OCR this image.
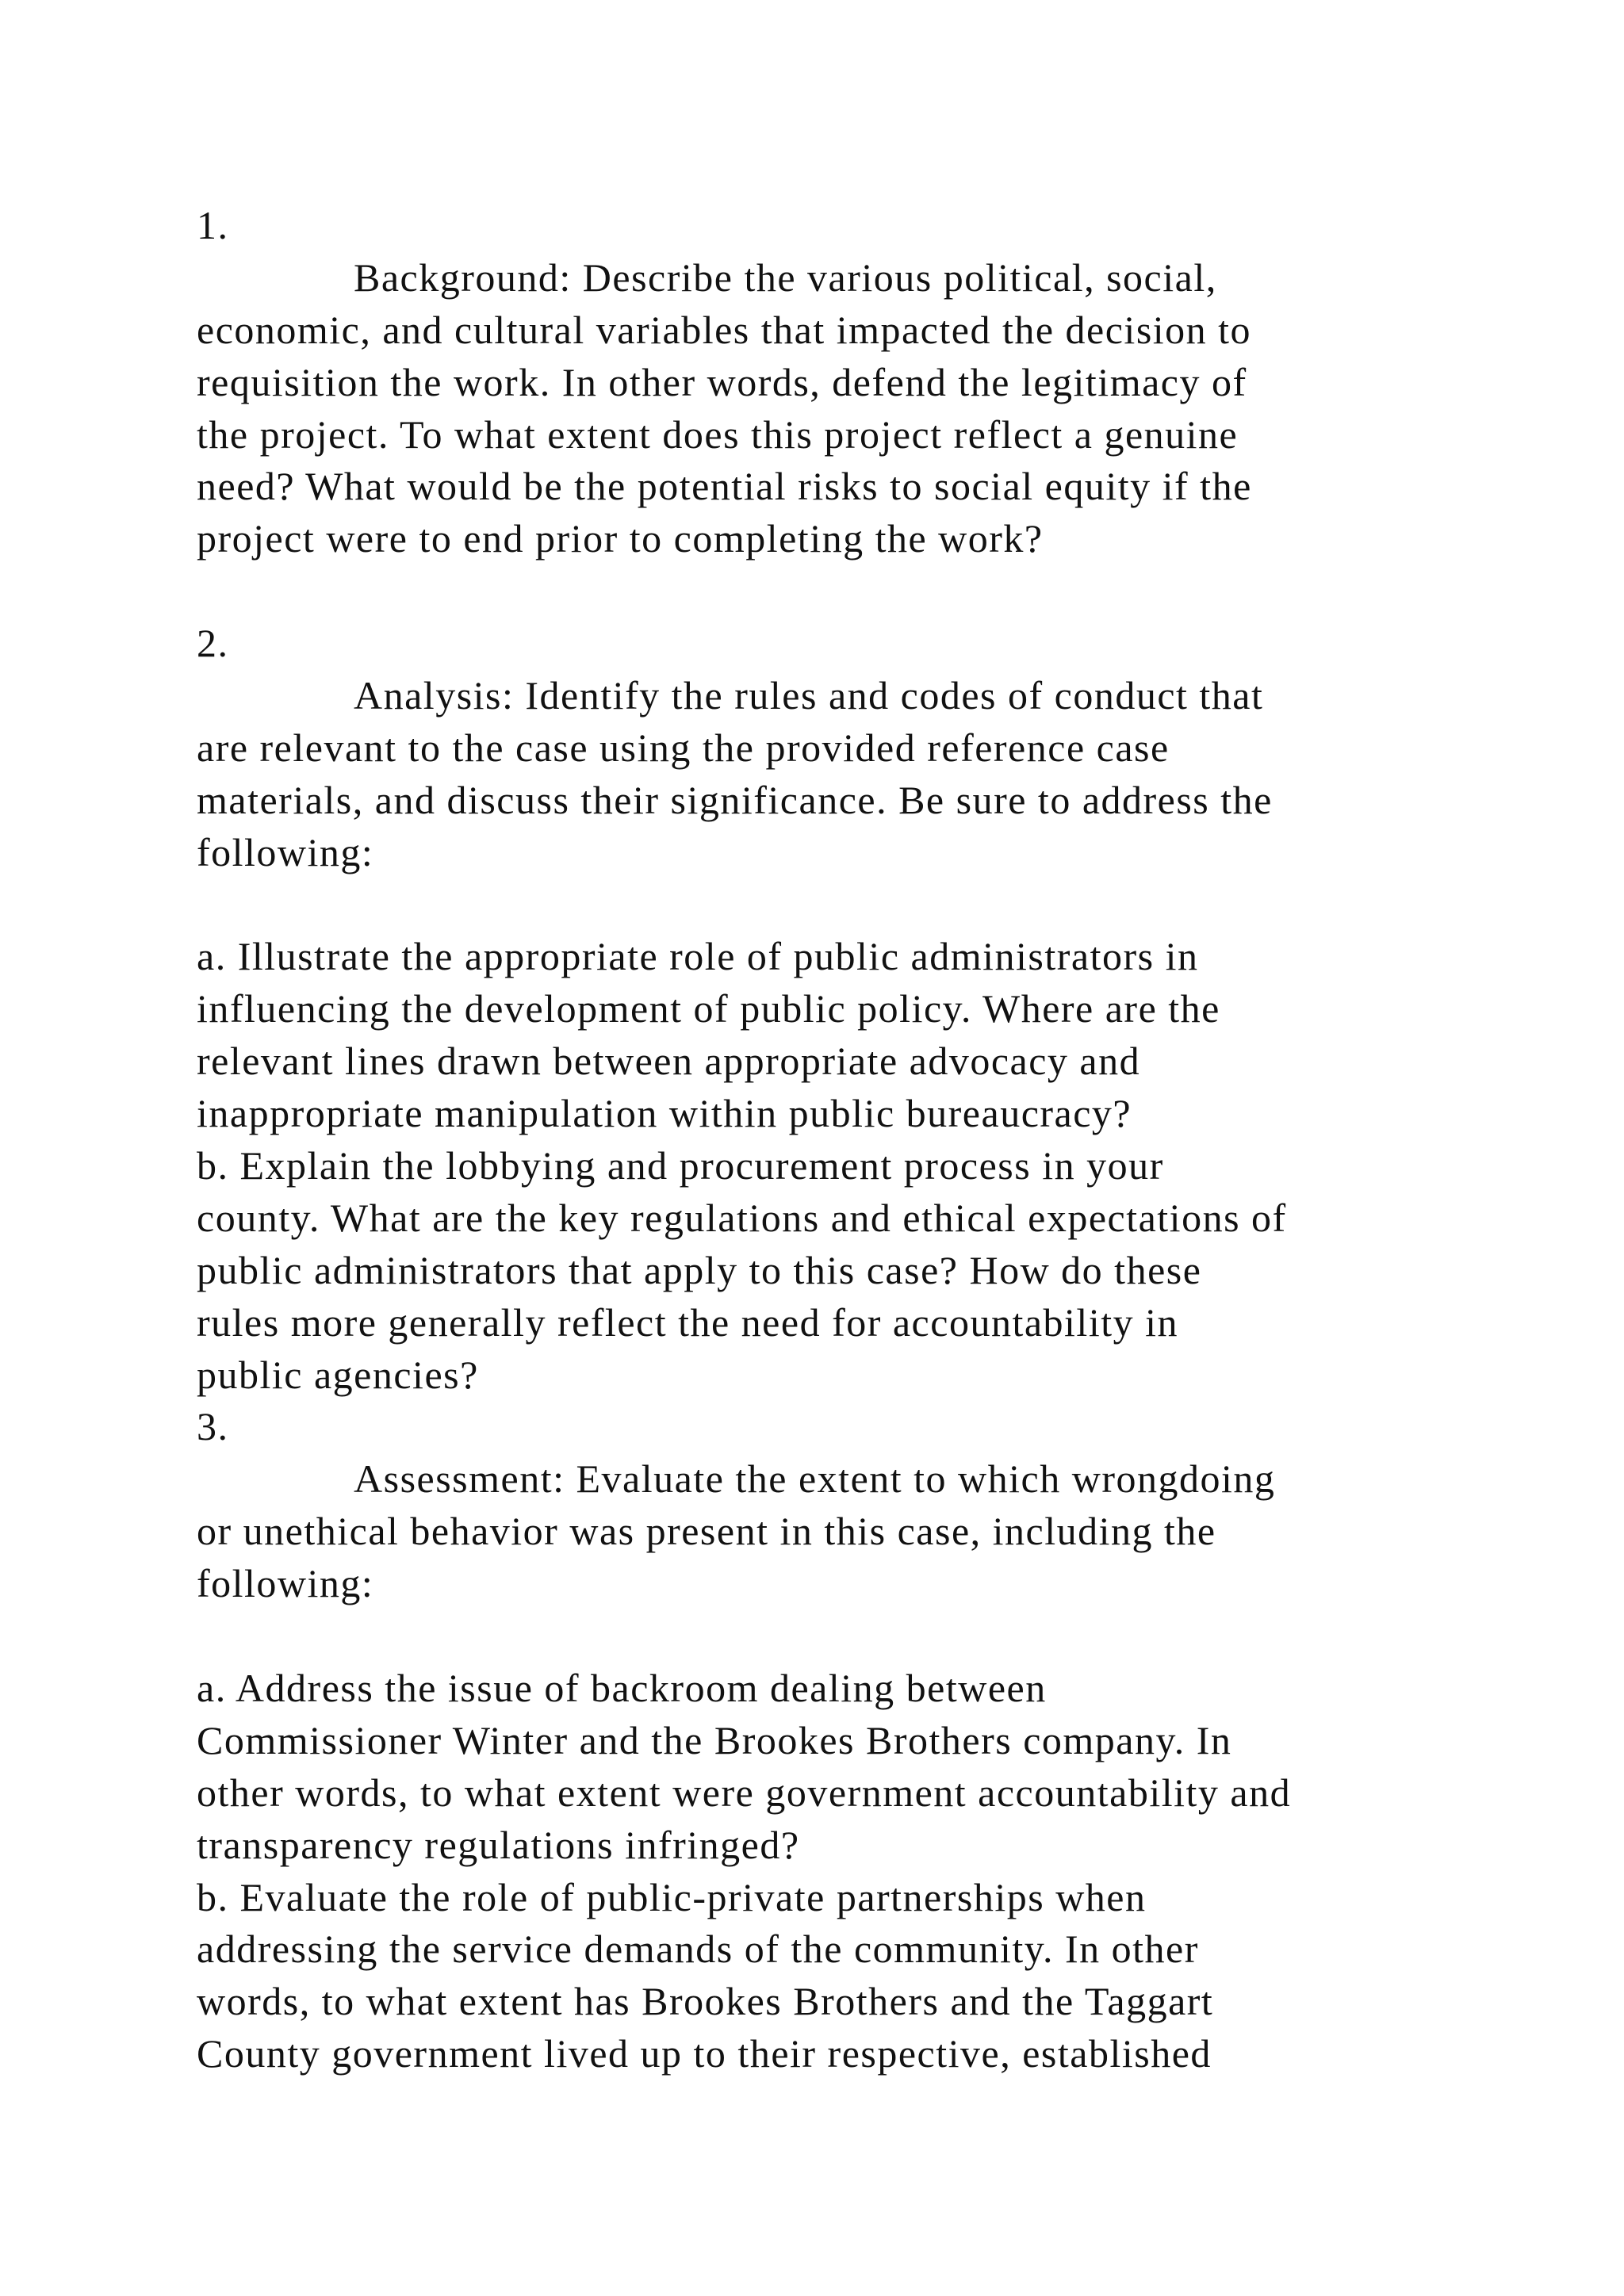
1.
Background: Describe the various political, social,
economic, and cultural variables that impacted the decision to
requisition the work. In other words, defend the legitimacy of
the project. To what extent does this project reflect a genuine
need? What would be the potential risks to social equity if the
project were to end prior to completing the work?
2.
Analysis: Identify the rules and codes of conduct that
are relevant to the case using the provided reference case
materials, and discuss their significance. Be sure to address the
following:
a. Illustrate the appropriate role of public administrators in
influencing the development of public policy. Where are the
relevant lines drawn between appropriate advocacy and
inappropriate manipulation within public bureaucracy?
b. Explain the lobbying and procurement process in your
county. What are the key regulations and ethical expectations of
public administrators that apply to this case? How do these
rules more generally reflect the need for accountability in
public agencies?
3.
Assessment: Evaluate the extent to which wrongdoing
or unethical behavior was present in this case, including the
following:
a. Address the issue of backroom dealing between
Commissioner Winter and the Brookes Brothers company. In
other words, to what extent were government accountability and
transparency regulations infringed?
b. Evaluate the role of public-private partnerships when
addressing the service demands of the community. In other
words, to what extent has Brookes Brothers and the Taggart
County government lived up to their respective, established
